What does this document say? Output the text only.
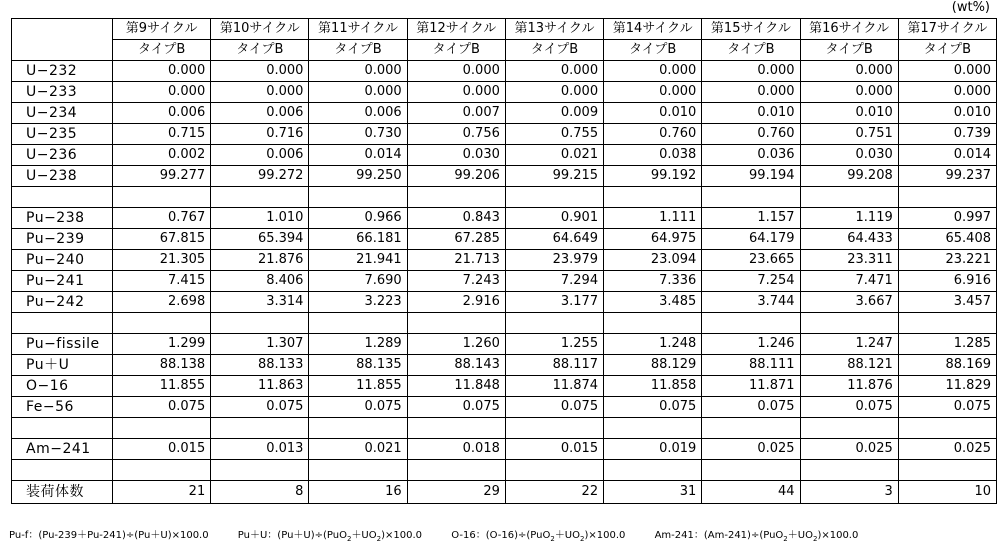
(wt%)
	第9サイクル	第10サイクル	第11サイクル	第12サイクル	第13サイクル	第14サイクル	第15サイクル	第16サイクル	第17サイクル
	タイプB	タイプB	タイプB	タイプB	タイプB	タイプB	タイプB	タイプB	タイプB
U−232	0.000	0.000	0.000	0.000	0.000	0.000	0.000	0.000	0.000
U−233	0.000	0.000	0.000	0.000	0.000	0.000	0.000	0.000	0.000
U−234	0.006	0.006	0.006	0.007	0.009	0.010	0.010	0.010	0.010
U−235	0.715	0.716	0.730	0.756	0.755	0.760	0.760	0.751	0.739
U−236	0.002	0.006	0.014	0.030	0.021	0.038	0.036	0.030	0.014
U−238	99.277	99.272	99.250	99.206	99.215	99.192	99.194	99.208	99.237

Pu−238	0.767	1.010	0.966	0.843	0.901	1.111	1.157	1.119	0.997
Pu−239	67.815	65.394	66.181	67.285	64.649	64.975	64.179	64.433	65.408
Pu−240	21.305	21.876	21.941	21.713	23.979	23.094	23.665	23.311	23.221
Pu−241	7.415	8.406	7.690	7.243	7.294	7.336	7.254	7.471	6.916
Pu−242	2.698	3.314	3.223	2.916	3.177	3.485	3.744	3.667	3.457

Pu−fissile	1.299	1.307	1.289	1.260	1.255	1.248	1.246	1.247	1.285
Pu＋U	88.138	88.133	88.135	88.143	88.117	88.129	88.111	88.121	88.169
O−16	11.855	11.863	11.855	11.848	11.874	11.858	11.871	11.876	11.829
Fe−56	0.075	0.075	0.075	0.075	0.075	0.075	0.075	0.075	0.075

Am−241	0.015	0.013	0.021	0.018	0.015	0.019	0.025	0.025	0.025

装荷体数	21	8	16	29	22	31	44	3	10
Pu-f：(Pu-239＋Pu-241)÷(Pu＋U)×100.0	Pu＋U：$(Pu+U)\div(PuO_2+UO_2)\times 100.0$	O-16：$(O-16)\div(PuO_2+UO_2)\times 100.0$	Am-241：$(Am-241)\div(PuO_2+UO_2)\times 100.0$
